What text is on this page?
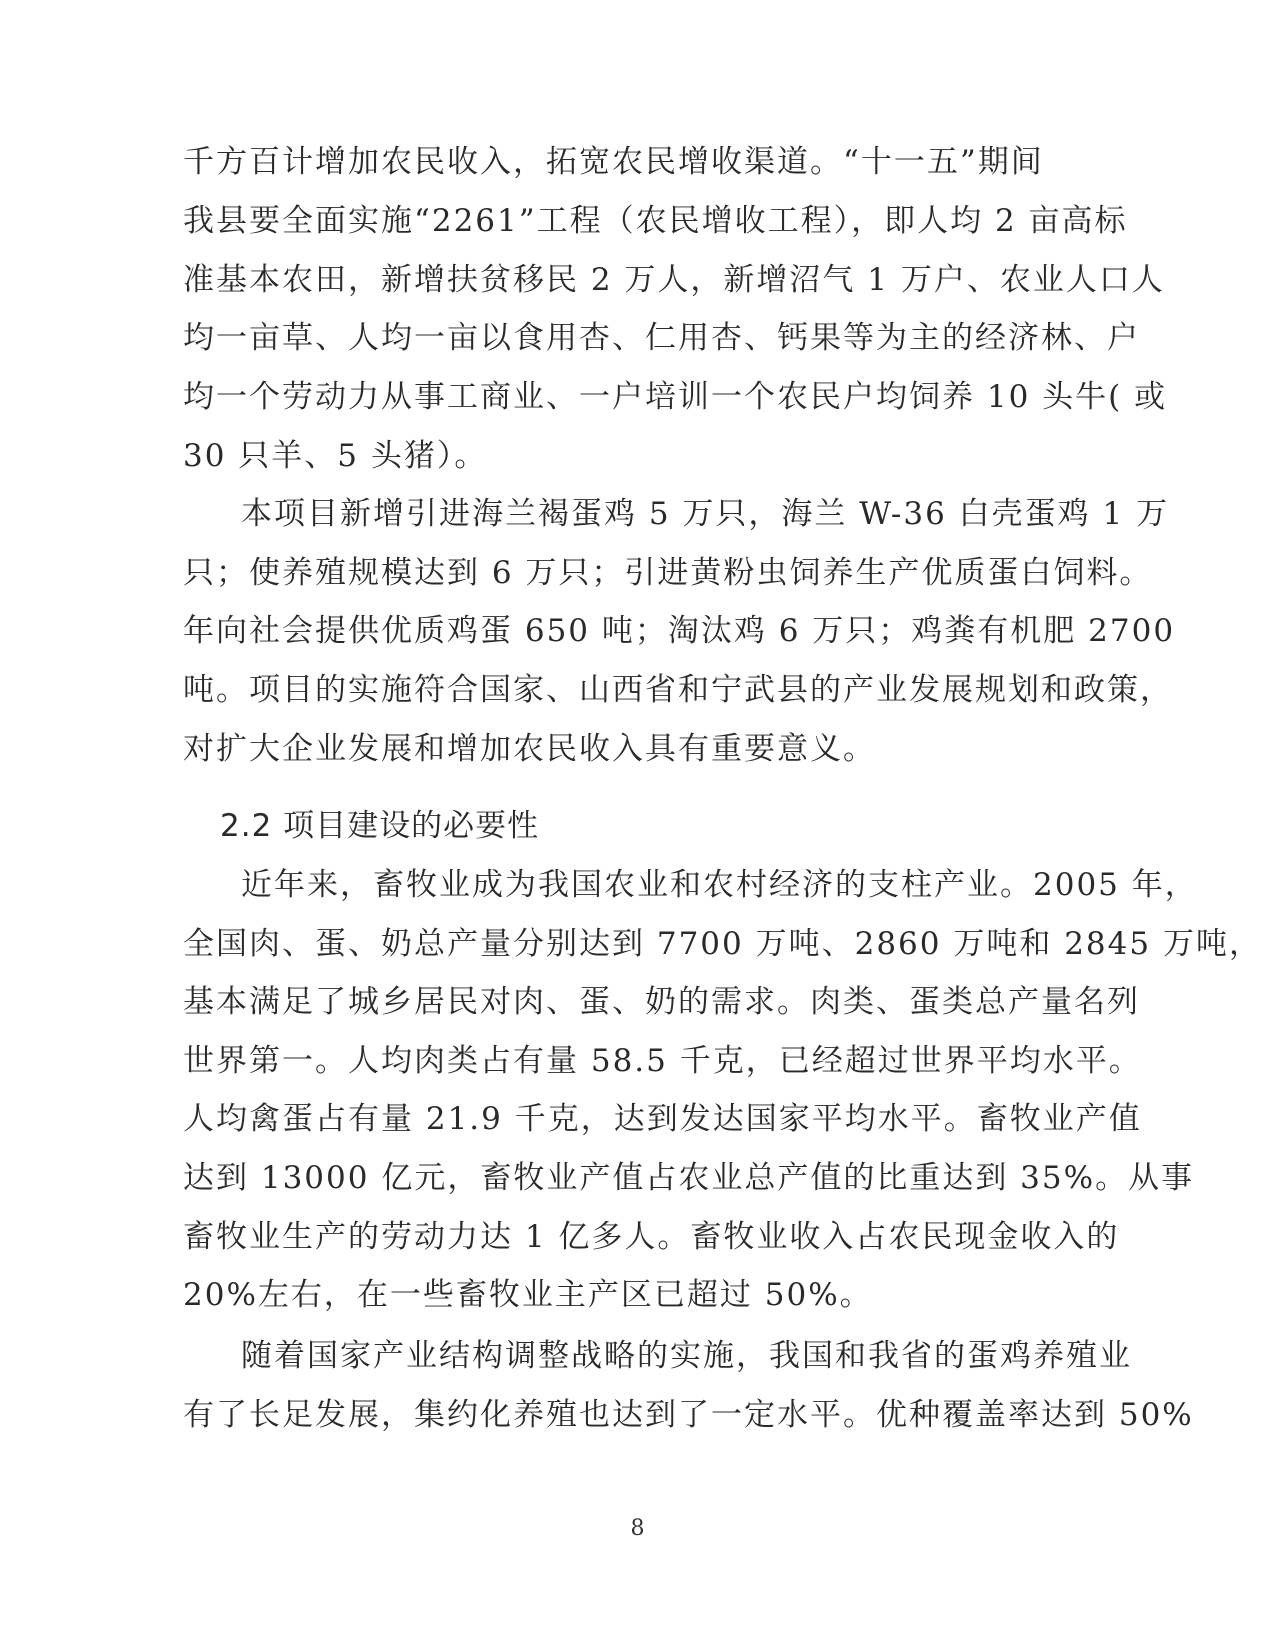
千方百计增加农民收入，拓宽农民增收渠道。“十一五”期间
我县要全面实施“2261”工程（农民增收工程），即人均 2 亩高标
准基本农田，新增扶贫移民 2 万人，新增沼气 1 万户、农业人口人
均一亩草、人均一亩以食用杏、仁用杏、钙果等为主的经济林、户
均一个劳动力从事工商业、一户培训一个农民户均饲养 10 头牛( 或
30 只羊、5 头猪）。
本项目新增引进海兰褐蛋鸡 5 万只，海兰 W-36 白壳蛋鸡 1 万
只；使养殖规模达到 6 万只；引进黄粉虫饲养生产优质蛋白饲料。
年向社会提供优质鸡蛋 650 吨；淘汰鸡 6 万只；鸡粪有机肥 2700
吨。项目的实施符合国家、山西省和宁武县的产业发展规划和政策，
对扩大企业发展和增加农民收入具有重要意义。
2.2 项目建设的必要性
近年来，畜牧业成为我国农业和农村经济的支柱产业。2005 年，
全国肉、蛋、奶总产量分别达到 7700 万吨、2860 万吨和 2845 万吨，
基本满足了城乡居民对肉、蛋、奶的需求。肉类、蛋类总产量名列
世界第一。人均肉类占有量 58.5 千克，已经超过世界平均水平。
人均禽蛋占有量 21.9 千克，达到发达国家平均水平。畜牧业产值
达到 13000 亿元，畜牧业产值占农业总产值的比重达到 35%。从事
畜牧业生产的劳动力达 1 亿多人。畜牧业收入占农民现金收入的
20%左右，在一些畜牧业主产区已超过 50%。
随着国家产业结构调整战略的实施，我国和我省的蛋鸡养殖业
有了长足发展，集约化养殖也达到了一定水平。优种覆盖率达到 50%
8
